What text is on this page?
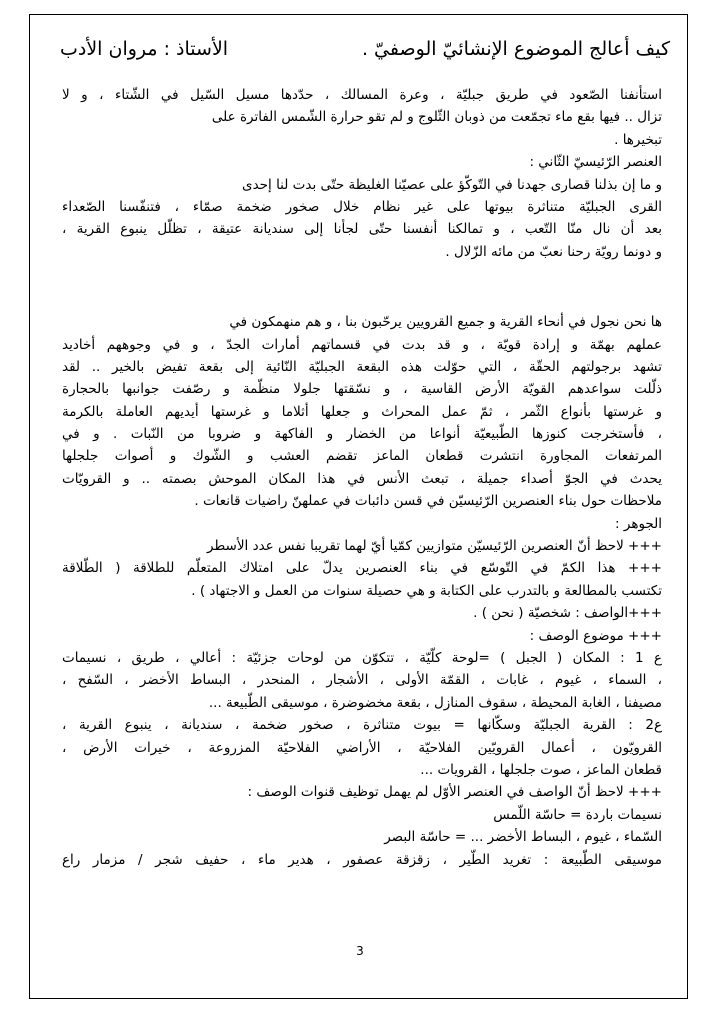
كيف أعالج الموضوع الإنشائيّ الوصفيّ .
الأستاذ : مروان الأدب
استأنفنا الصّعود في طريق جبليّة ، وعرة المسالك ، حدّدها مسيل السّيل في الشّتاء ، و لا
تزال .. فيها بقع ماء تجمّعت من ذوبان الثّلوج و لم تقو حرارة الشّمس الفاترة على
تبخيرها .
العنصر الرّئيسيّ الثّاني :
و ما إن بذلنا قصارى جهدنا في التّوكّؤ على عصيّنا الغليظة حتّى بدت لنا إحدى
القرى الجبليّة متناثرة بيوتها على غير نظام خلال صخور ضخمة صمّاء ، فتنفّسنا الصّعداء
بعد أن نال منّا التّعب ، و تمالكنا أنفسنا حتّى لجأنا إلى سنديانة عتيقة ، تظلّل ينبوع القرية ،
و دونما رويّة رحنا نعبّ من مائه الزّلال .
ها نحن نجول في أنحاء القرية و جميع القرويين يرحّبون بنا ، و هم منهمكون في
عملهم بهمّة و إرادة قويّة ، و قد بدت في قسماتهم أمارات الجدّ ، و في وجوههم أخاديد
تشهد برجولتهم الحقّة ، التي حوّلت هذه البقعة الجبليّة النّائية إلى بقعة تفيض بالخير .. لقد
ذلّلت سواعدهم القويّة الأرض القاسية ، و نسّقتها جلولا منظّمة و رصّفت جوانبها بالحجارة
و غرستها بأنواع الثّمر ، ثمّ عمل المحراث و جعلها أثلاما و غرستها أيديهم العاملة بالكرمة
، فأستخرجت كنوزها الطّبيعيّة أنواعا من الخضار و الفاكهة و ضروبا من النّبات . و في
المرتفعات المجاورة انتشرت قطعان الماعز تقضم العشب و الشّوك و أصوات جلجلها
يحدث في الجوّ أصداء جميلة ، تبعث الأنس في هذا المكان الموحش بصمته .. و القرويّات
ملاحظات حول بناء العنصرين الرّئيسيّن في قسن دائبات في عملهنّ راضيات قانعات .
الجوهر :
+++ لاحظ أنّ العنصرين الرّئيسيّن متوازيين كمّيا أيّ لهما تقريبا نفس عدد الأسطر
+++ هذا الكمّ في التّوسّع في بناء العنصرين يدلّ على امتلاك المتعلّم للطلاقة ( الطّلاقة
تكتسب بالمطالعة و بالتدرب على الكتابة و هي حصيلة سنوات من العمل و الاجتهاد ) .
+++الواصف : شخصيّة ( نحن ) .
+++ موضوع الوصف :
ع 1 : المكان ( الجبل ) =لوحة كلّيّة ، تتكوّن من لوحات جزئيّة : أعالي ، طريق ، نسيمات
، السماء ، غيوم ، غابات ، القمّة الأولى ، الأشجار ، المنحدر ، البساط الأخضر ، السّفح ،
مصيفنا ، الغابة المحيطة ، سقوف المنازل ، بقعة مخضوضرة ، موسيقى الطّبيعة ...
ع2 : القرية الجبليّة وسكّانها = بيوت متناثرة ، صخور ضخمة ، سنديانة ، ينبوع القرية ،
القرويّون ، أعمال القرويّين الفلاحيّة ، الأراضي الفلاحيّة المزروعة ، خيرات الأرض ،
قطعان الماعز ، صوت جلجلها ، القرويات ...
+++ لاحظ أنّ الواصف في العنصر الأوّل لم يهمل توظيف قنوات الوصف :
نسيمات باردة = حاسّة اللّمس
السّماء ، غيوم ، البساط الأخضر ... = حاسّة البصر
موسيقى الطّبيعة : تغريد الطّير ، زقزقة عصفور ، هدير ماء ، حفيف شجر / مزمار راع
3
